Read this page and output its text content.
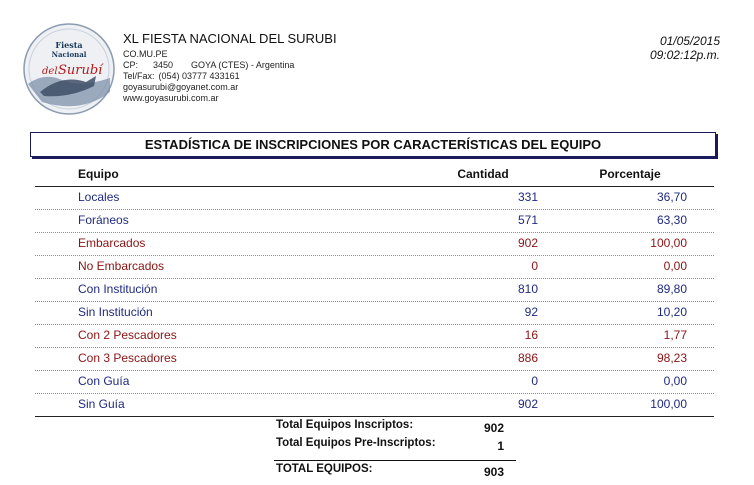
Fiesta
Nacional
del Surubí
XL FIESTA NACIONAL DEL SURUBI
CO.MU.PE
CP: 3450 GOYA (CTES) - Argentina
Tel/Fax: (054) 03777 433161
goyasurubi@goyanet.com.ar
www.goyasurubi.com.ar
01/05/2015
09:02:12p.m.
ESTADÍSTICA DE INSCRIPCIONES POR CARACTERÍSTICAS DEL EQUIPO
Equipo	Cantidad	Porcentaje
Locales	331	36,70
Foráneos	571	63,30
Embarcados	902	100,00
No Embarcados	0	0,00
Con Institución	810	89,80
Sin Institución	92	10,20
Con 2 Pescadores	16	1,77
Con 3 Pescadores	886	98,23
Con Guía	0	0,00
Sin Guía	902	100,00
Total Equipos Inscriptos:	902
Total Equipos Pre-Inscriptos:	1
TOTAL EQUIPOS:	903
